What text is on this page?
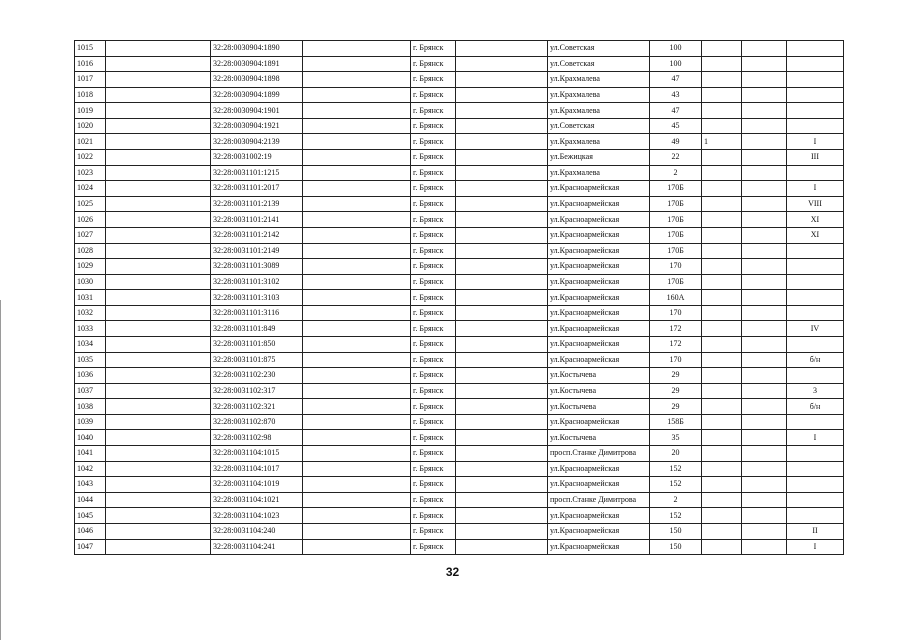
1015		32:28:0030904:1890		г. Брянск		ул.Советская	100			
1016		32:28:0030904:1891		г. Брянск		ул.Советская	100			
1017		32:28:0030904:1898		г. Брянск		ул.Крахмалева	47			
1018		32:28:0030904:1899		г. Брянск		ул.Крахмалева	43			
1019		32:28:0030904:1901		г. Брянск		ул.Крахмалева	47			
1020		32:28:0030904:1921		г. Брянск		ул.Советская	45			
1021		32:28:0030904:2139		г. Брянск		ул.Крахмалева	49	1		I
1022		32:28:0031002:19		г. Брянск		ул.Бежицкая	22			III
1023		32:28:0031101:1215		г. Брянск		ул.Крахмалева	2			
1024		32:28:0031101:2017		г. Брянск		ул.Красноармейская	170Б			I
1025		32:28:0031101:2139		г. Брянск		ул.Красноармейская	170Б			VIII
1026		32:28:0031101:2141		г. Брянск		ул.Красноармейская	170Б			XI
1027		32:28:0031101:2142		г. Брянск		ул.Красноармейская	170Б			XI
1028		32:28:0031101:2149		г. Брянск		ул.Красноармейская	170Б			
1029		32:28:0031101:3089		г. Брянск		ул.Красноармейская	170			
1030		32:28:0031101:3102		г. Брянск		ул.Красноармейская	170Б			
1031		32:28:0031101:3103		г. Брянск		ул.Красноармейская	160А			
1032		32:28:0031101:3116		г. Брянск		ул.Красноармейская	170			
1033		32:28:0031101:849		г. Брянск		ул.Красноармейская	172			IV
1034		32:28:0031101:850		г. Брянск		ул.Красноармейская	172			
1035		32:28:0031101:875		г. Брянск		ул.Красноармейская	170			б/н
1036		32:28:0031102:230		г. Брянск		ул.Костычева	29			
1037		32:28:0031102:317		г. Брянск		ул.Костычева	29			3
1038		32:28:0031102:321		г. Брянск		ул.Костычева	29			б/н
1039		32:28:0031102:870		г. Брянск		ул.Красноармейская	158Б			
1040		32:28:0031102:98		г. Брянск		ул.Костычева	35			I
1041		32:28:0031104:1015		г. Брянск		просп.Станке Димитрова	20			
1042		32:28:0031104:1017		г. Брянск		ул.Красноармейская	152			
1043		32:28:0031104:1019		г. Брянск		ул.Красноармейская	152			
1044		32:28:0031104:1021		г. Брянск		просп.Станке Димитрова	2			
1045		32:28:0031104:1023		г. Брянск		ул.Красноармейская	152			
1046		32:28:0031104:240		г. Брянск		ул.Красноармейская	150			II
1047		32:28:0031104:241		г. Брянск		ул.Красноармейская	150			I
32
